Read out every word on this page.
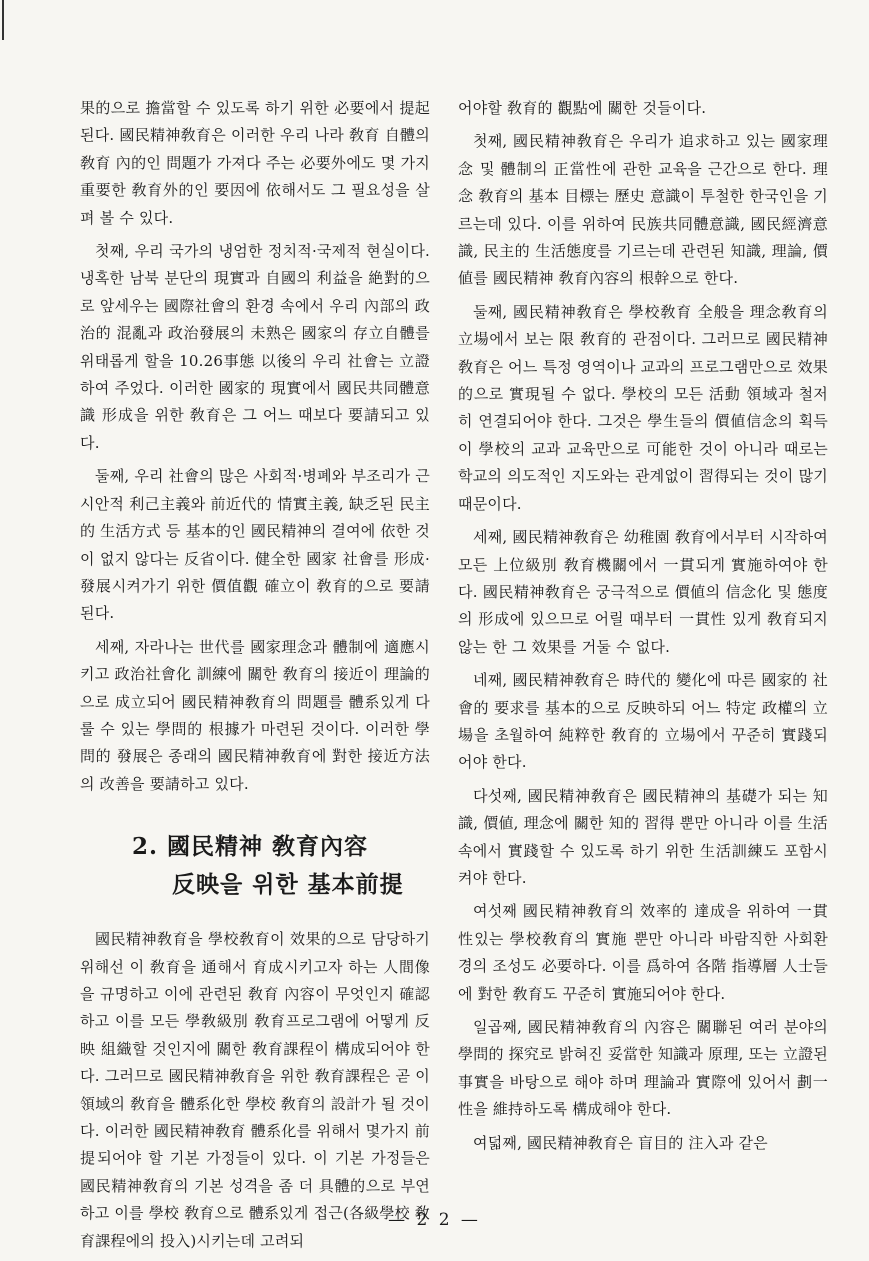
果的으로 擔當할 수 있도록 하기 위한 必要에서 提起된다. 國民精神敎育은 이러한 우리 나라 敎育 自體의 敎育 內的인 問題가 가져다 주는 必要外에도 몇 가지 重要한 敎育外的인 要因에 依해서도 그 필요성을 살펴 볼 수 있다.

첫째, 우리 국가의 냉엄한 정치적·국제적 현실이다. 냉혹한 남북 분단의 現實과 自國의 利益을 絶對的으로 앞세우는 國際社會의 환경 속에서 우리 內部의 政治的 混亂과 政治發展의 未熟은 國家의 存立自體를 위태롭게 할을 10.26事態 以後의 우리 社會는 立證하여 주었다. 이러한 國家的 現實에서 國民共同體意識 形成을 위한 敎育은 그 어느 때보다 要請되고 있다.

둘째, 우리 社會의 많은 사회적·병폐와 부조리가 근시안적 利己主義와 前近代的 情實主義, 缺乏된 民主的 生活方式 등 基本的인 國民精神의 결여에 依한 것이 없지 않다는 反省이다. 健全한 國家 社會를 形成·發展시켜가기 위한 價值觀 確立이 敎育的으로 要請된다.

세째, 자라나는 世代를 國家理念과 體制에 適應시키고 政治社會化 訓練에 關한 敎育의 接近이 理論的으로 成立되어 國民精神敎育의 問題를 體系있게 다룰 수 있는 學問的 根據가 마련된 것이다. 이러한 學問的 發展은 종래의 國民精神敎育에 對한 接近方法의 改善을 要請하고 있다.

2. 國民精神 敎育內容
反映을 위한 基本前提

國民精神敎育을 學校敎育이 效果的으로 담당하기 위해선 이 敎育을 通해서 育成시키고자 하는 人間像을 규명하고 이에 관련된 敎育 內容이 무엇인지 確認하고 이를 모든 學敎級別 敎育프로그램에 어떻게 反映 組織할 것인지에 關한 敎育課程이 構成되어야 한다. 그러므로 國民精神敎育을 위한 敎育課程은 곧 이 領域의 敎育을 體系化한 學校 敎育의 設計가 될 것이다. 이러한 國民精神敎育 體系化를 위해서 몇가지 前提되어야 할 기본 가정들이 있다. 이 기본 가정들은 國民精神敎育의 기본 성격을 좀 더 具體的으로 부연하고 이를 學校 敎育으로 體系있게 접근(各級學校 敎育課程에의 投入)시키는데 고려되

어야할 敎育的 觀點에 關한 것들이다.

첫째, 國民精神敎育은 우리가 追求하고 있는 國家理念 및 體制의 正當性에 관한 교육을 근간으로 한다. 理念 敎育의 基本 目標는 歷史 意識이 투철한 한국인을 기르는데 있다. 이를 위하여 民族共同體意識, 國民經濟意識, 民主的 生活態度를 기르는데 관련된 知識, 理論, 價値를 國民精神 敎育內容의 根幹으로 한다.

둘째, 國民精神敎育은 學校敎育 全般을 理念敎育의 立場에서 보는 限 敎育的 관점이다. 그러므로 國民精神敎育은 어느 특정 영역이나 교과의 프로그램만으로 效果的으로 實現될 수 없다. 學校의 모든 活動 領域과 철저히 연결되어야 한다. 그것은 學生들의 價値信念의 획득이 學校의 교과 교육만으로 可能한 것이 아니라 때로는 학교의 의도적인 지도와는 관계없이 習得되는 것이 많기 때문이다.

세째, 國民精神敎育은 幼稚園 敎育에서부터 시작하여 모든 上位級別 敎育機關에서 一貫되게 實施하여야 한다. 國民精神敎育은 궁극적으로 價値의 信念化 및 態度의 形成에 있으므로 어릴 때부터 一貫性 있게 敎育되지 않는 한 그 效果를 거둘 수 없다.

네째, 國民精神敎育은 時代的 變化에 따른 國家的 社會的 要求를 基本的으로 反映하되 어느 特定 政權의 立場을 초월하여 純粹한 敎育的 立場에서 꾸준히 實踐되어야 한다.

다섯째, 國民精神敎育은 國民精神의 基礎가 되는 知識, 價値, 理念에 關한 知的 習得 뿐만 아니라 이를 生活 속에서 實踐할 수 있도록 하기 위한 生活訓練도 포함시켜야 한다.

여섯째 國民精神敎育의 效率的 達成을 위하여 一貫性있는 學校敎育의 實施 뿐만 아니라 바람직한 사회환경의 조성도 必要하다. 이를 爲하여 各階 指導層 人士들에 對한 敎育도 꾸준히 實施되어야 한다.

일곱째, 國民精神敎育의 內容은 關聯된 여러 분야의 學問的 探究로 밝혀진 妥當한 知識과 原理, 또는 立證된 事實을 바탕으로 해야 하며 理論과 實際에 있어서 劃一性을 維持하도록 構成해야 한다.

여덟째, 國民精神敎育은 盲目的 注入과 같은

— 2 2 —
